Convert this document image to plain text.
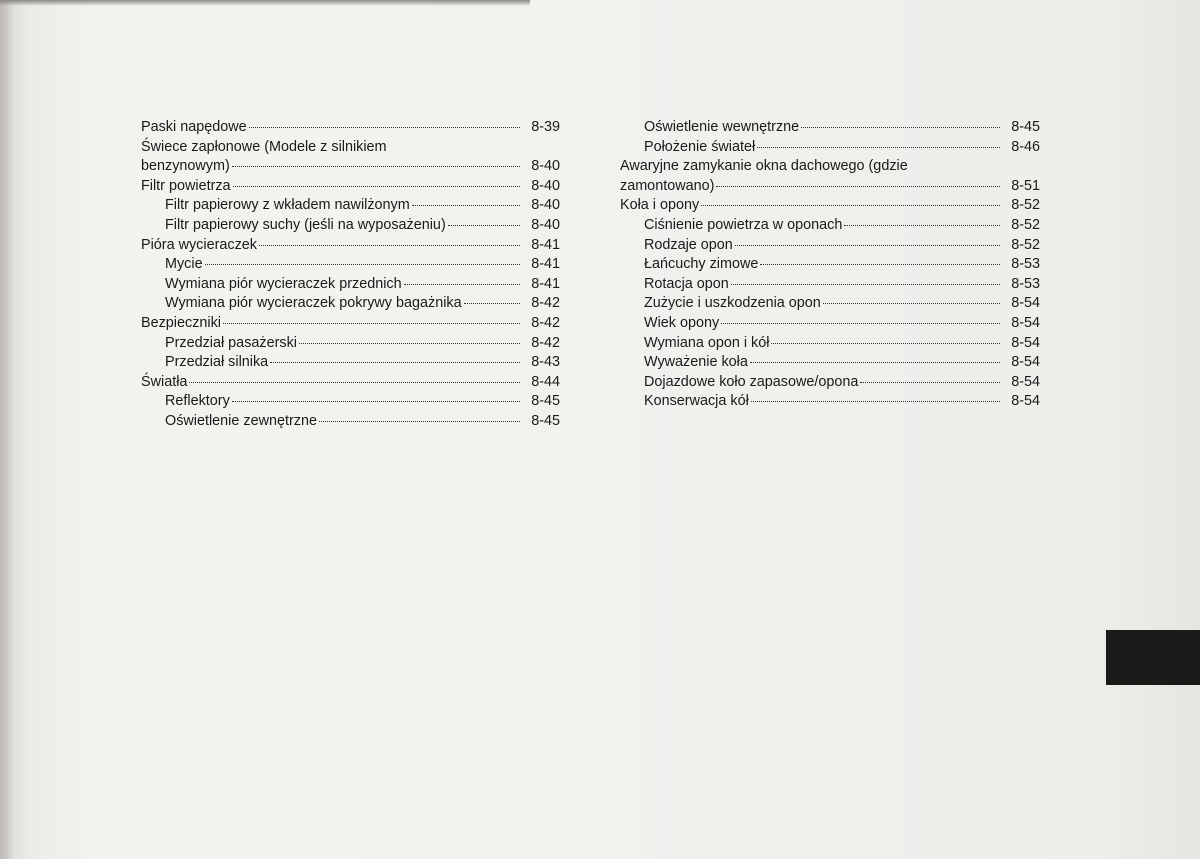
Paski napędowe	8-39
Świece zapłonowe (Modele z silnikiem
benzynowym)	8-40
Filtr powietrza	8-40
Filtr papierowy z wkładem nawilżonym	8-40
Filtr papierowy suchy (jeśli na wyposażeniu)	8-40
Pióra wycieraczek	8-41
Mycie	8-41
Wymiana piór wycieraczek przednich	8-41
Wymiana piór wycieraczek pokrywy bagażnika	8-42
Bezpieczniki	8-42
Przedział pasażerski	8-42
Przedział silnika	8-43
Światła	8-44
Reflektory	8-45
Oświetlenie zewnętrzne	8-45
Oświetlenie wewnętrzne	8-45
Położenie świateł	8-46
Awaryjne zamykanie okna dachowego (gdzie
zamontowano)	8-51
Koła i opony	8-52
Ciśnienie powietrza w oponach	8-52
Rodzaje opon	8-52
Łańcuchy zimowe	8-53
Rotacja opon	8-53
Zużycie i uszkodzenia opon	8-54
Wiek opony	8-54
Wymiana opon i kół	8-54
Wyważenie koła	8-54
Dojazdowe koło zapasowe/opona	8-54
Konserwacja kół	8-54
